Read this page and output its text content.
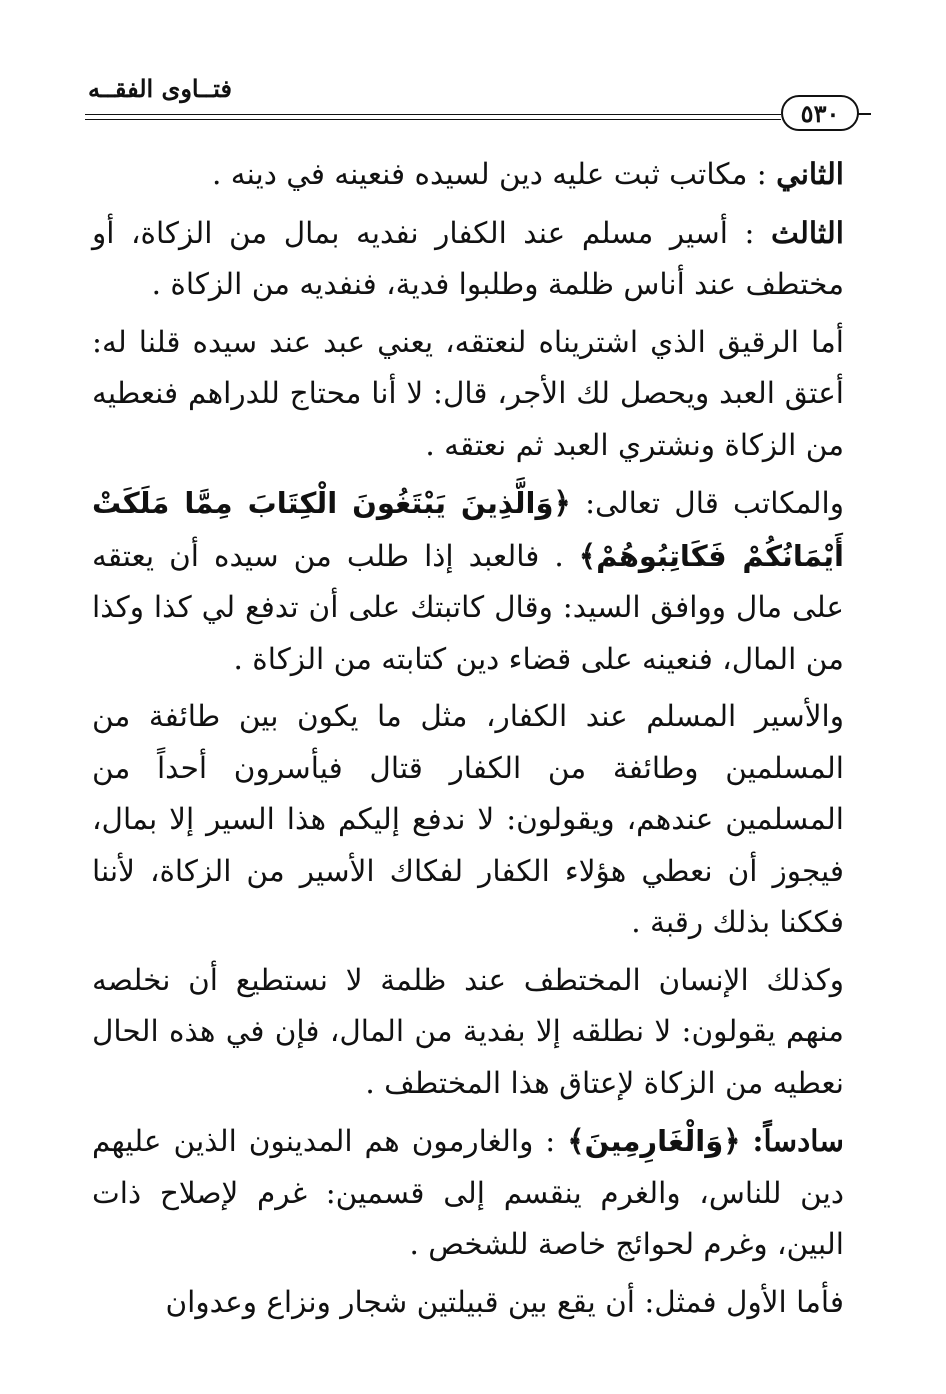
فتــاوى الفقــه
٥٣٠

الثاني : مكاتب ثبت عليه دين لسيده فنعينه في دينه .

الثالث : أسير مسلم عند الكفار نفديه بمال من الزكاة، أو مختطف عند أناس ظلمة وطلبوا فدية، فنفديه من الزكاة .

أما الرقيق الذي اشتريناه لنعتقه، يعني عبد عند سيده قلنا له: أعتق العبد ويحصل لك الأجر، قال: لا أنا محتاج للدراهم فنعطيه من الزكاة ونشتري العبد ثم نعتقه .

والمكاتب قال تعالى: ﴿وَالَّذِينَ يَبْتَغُونَ الْكِتَابَ مِمَّا مَلَكَتْ أَيْمَانُكُمْ فَكَاتِبُوهُمْ﴾ . فالعبد إذا طلب من سيده أن يعتقه على مال ووافق السيد: وقال كاتبتك على أن تدفع لي كذا وكذا من المال، فنعينه على قضاء دين كتابته من الزكاة .

والأسير المسلم عند الكفار، مثل ما يكون بين طائفة من المسلمين وطائفة من الكفار قتال فيأسرون أحداً من المسلمين عندهم، ويقولون: لا ندفع إليكم هذا السير إلا بمال، فيجوز أن نعطي هؤلاء الكفار لفكاك الأسير من الزكاة، لأننا فككنا بذلك رقبة .

وكذلك الإنسان المختطف عند ظلمة لا نستطيع أن نخلصه منهم يقولون: لا نطلقه إلا بفدية من المال، فإن في هذه الحال نعطيه من الزكاة لإعتاق هذا المختطف .

سادساً: ﴿وَالْغَارِمِينَ﴾ : والغارمون هم المدينون الذين عليهم دين للناس، والغرم ينقسم إلى قسمين: غرم لإصلاح ذات البين، وغرم لحوائج خاصة للشخص .

فأما الأول فمثل: أن يقع بين قبيلتين شجار ونزاع وعدوان
